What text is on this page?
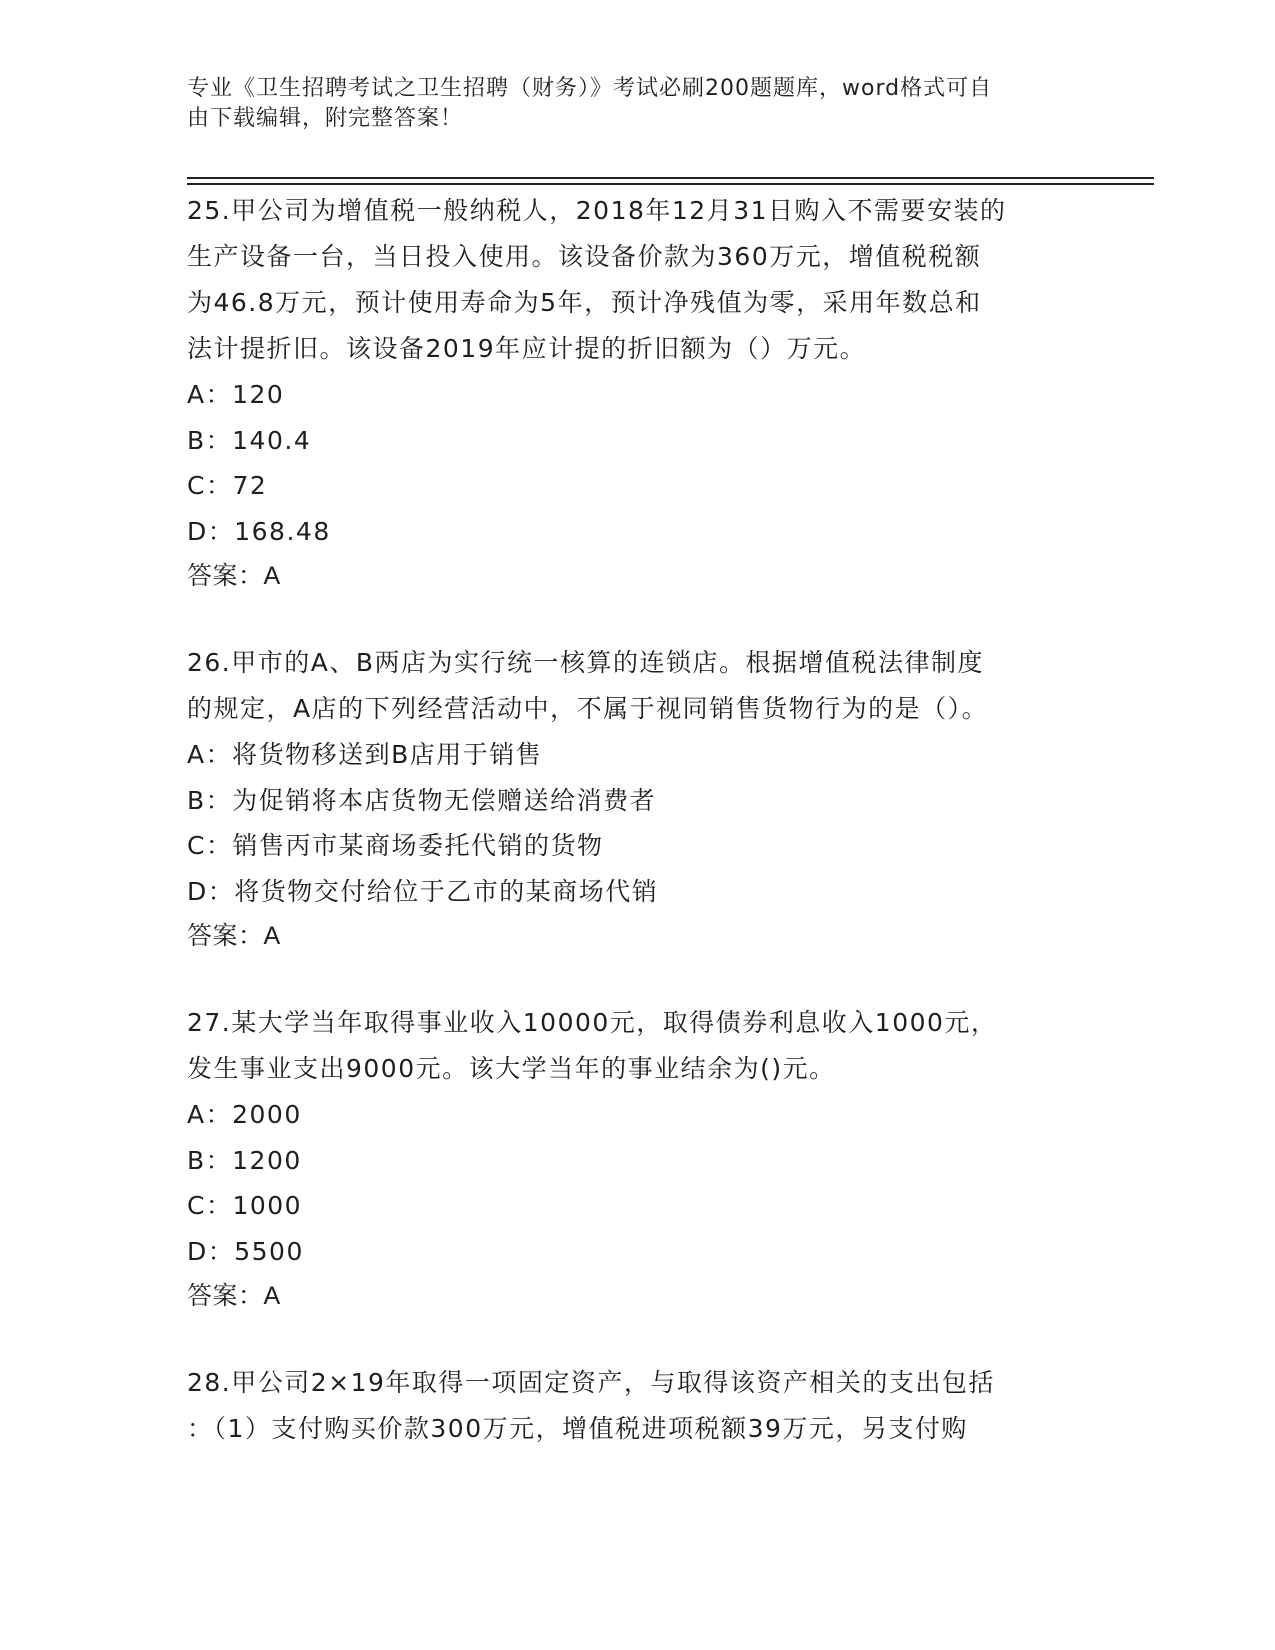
专业《卫生招聘考试之卫生招聘（财务）》考试必刷200题题库，word格式可自
由下载编辑，附完整答案！

25.甲公司为增值税一般纳税人，2018年12月31日购入不需要安装的

生产设备一台，当日投入使用。该设备价款为360万元，增值税税额

为46.8万元，预计使用寿命为5年，预计净残值为零，采用年数总和

法计提折旧。该设备2019年应计提的折旧额为（）万元。

A：120

B：140.4

C：72

D：168.48

答案：A

26.甲市的A、B两店为实行统一核算的连锁店。根据增值税法律制度

的规定，A店的下列经营活动中，不属于视同销售货物行为的是（）。

A：将货物移送到B店用于销售

B：为促销将本店货物无偿赠送给消费者

C：销售丙市某商场委托代销的货物

D：将货物交付给位于乙市的某商场代销

答案：A

27.某大学当年取得事业收入10000元，取得债券利息收入1000元，

发生事业支出9000元。该大学当年的事业结余为()元。

A：2000

B：1200

C：1000

D：5500

答案：A

28.甲公司2×19年取得一项固定资产，与取得该资产相关的支出包括

：（1）支付购买价款300万元，增值税进项税额39万元，另支付购
